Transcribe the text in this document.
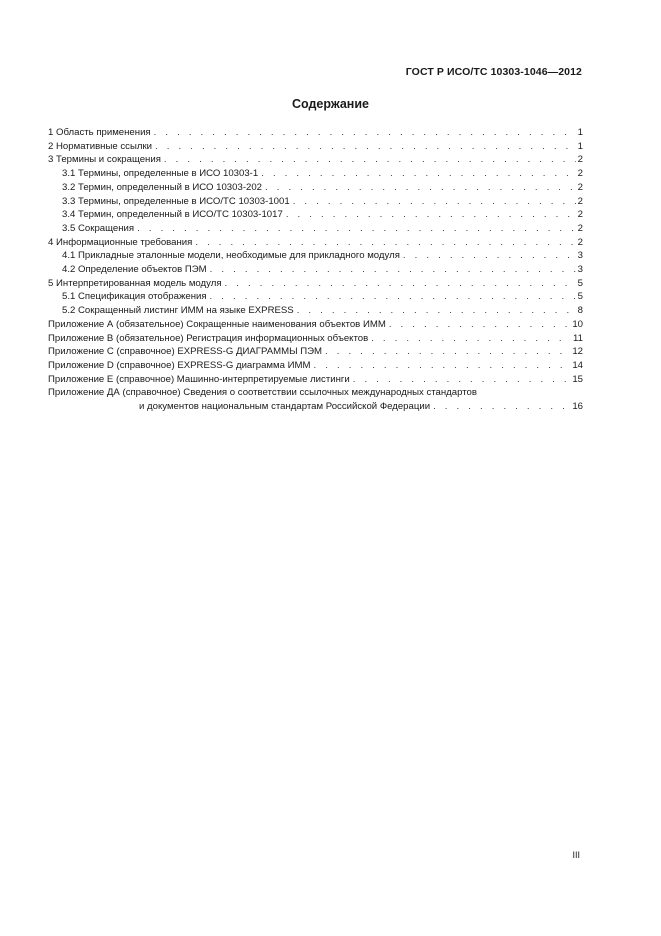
ГОСТ Р ИСО/ТС 10303-1046—2012
Содержание
1 Область применения . . .	1
2 Нормативные ссылки . . .	1
3 Термины и сокращения . . .	2
3.1 Термины, определенные в ИСО 10303-1 . . .	2
3.2 Термин, определенный в ИСО 10303-202 . . .	2
3.3 Термины, определенные в ИСО/ТС 10303-1001 . . .	2
3.4 Термин, определенный в ИСО/ТС 10303-1017 . . .	2
3.5 Сокращения . . .	2
4 Информационные требования . . .	2
4.1 Прикладные эталонные модели, необходимые для прикладного модуля . . .	3
4.2 Определение объектов ПЭМ . . .	3
5 Интерпретированная модель модуля . . .	5
5.1 Спецификация отображения . . .	5
5.2 Сокращенный листинг ИММ на языке EXPRESS . . .	8
Приложение А (обязательное) Сокращенные наименования объектов ИММ . . .	10
Приложение В (обязательное) Регистрация информационных объектов . . .	11
Приложение С (справочное) EXPRESS-G ДИАГРАММЫ ПЭМ . . .	12
Приложение D (справочное) EXPRESS-G диаграмма ИММ . . .	14
Приложение Е (справочное) Машинно-интерпретируемые листинги . . .	15
Приложение ДА (справочное) Сведения о соответствии ссылочных международных стандартов
и документов национальным стандартам Российской Федерации . . .	16
III
